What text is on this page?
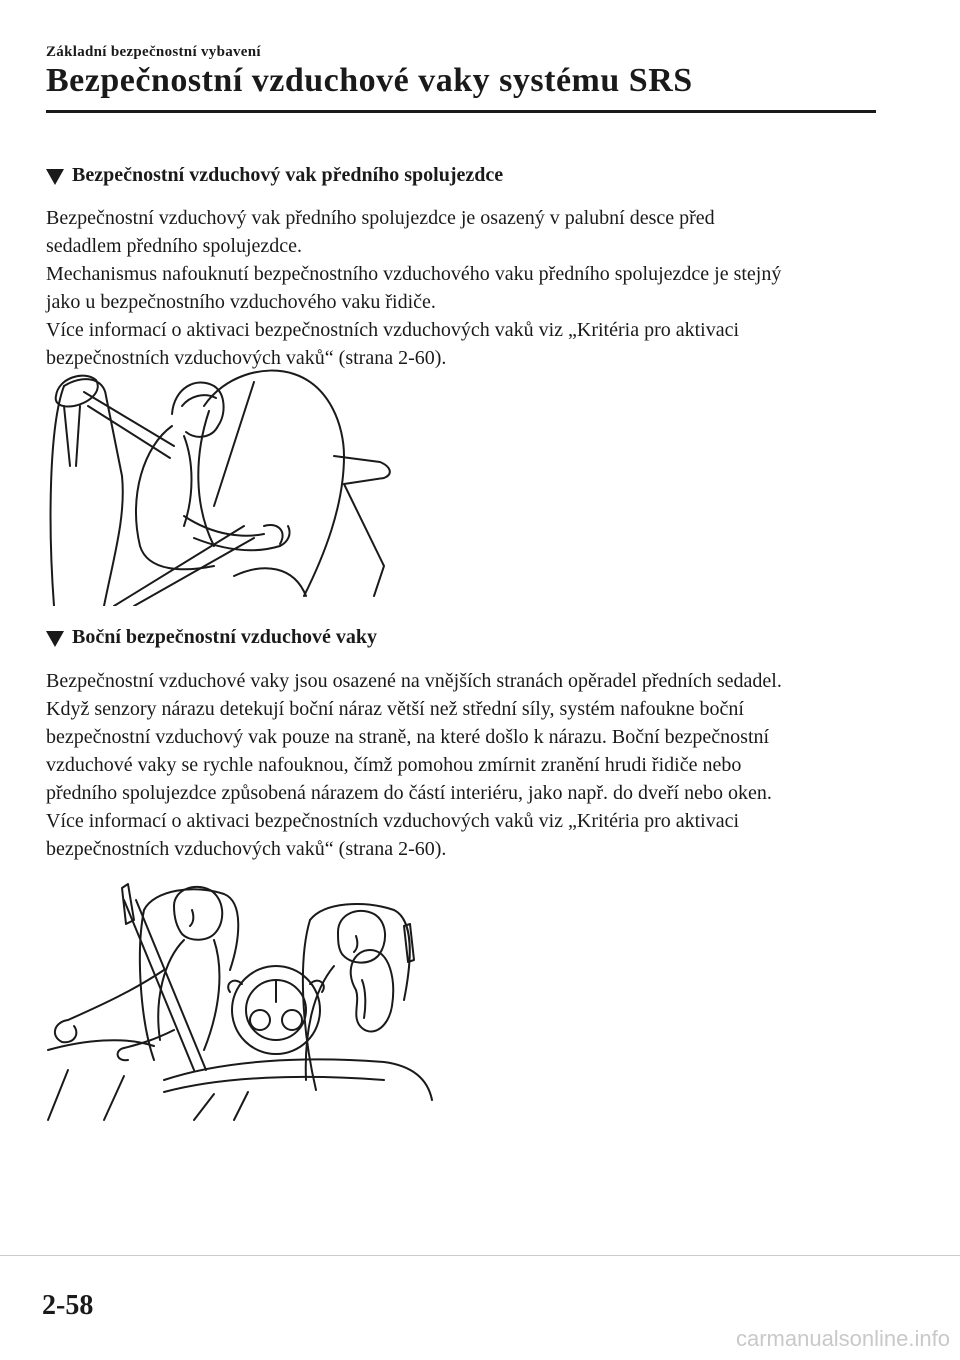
Základní bezpečnostní vybavení
Bezpečnostní vzduchové vaky systému SRS
Bezpečnostní vzduchový vak předního spolujezdce

Bezpečnostní vzduchový vak předního spolujezdce je osazený v palubní desce před

sedadlem předního spolujezdce.

Mechanismus nafouknutí bezpečnostního vzduchového vaku předního spolujezdce je stejný

jako u bezpečnostního vzduchového vaku řidiče.

Více informací o aktivaci bezpečnostních vzduchových vaků viz „Kritéria pro aktivaci

bezpečnostních vzduchových vaků“ (strana 2-60).

Boční bezpečnostní vzduchové vaky

Bezpečnostní vzduchové vaky jsou osazené na vnějších stranách opěradel předních sedadel.

Když senzory nárazu detekují boční náraz větší než střední síly, systém nafoukne boční

bezpečnostní vzduchový vak pouze na straně, na které došlo k nárazu. Boční bezpečnostní

vzduchové vaky se rychle nafouknou, čímž pomohou zmírnit zranění hrudi řidiče nebo

předního spolujezdce způsobená nárazem do částí interiéru, jako např. do dveří nebo oken.

Více informací o aktivaci bezpečnostních vzduchových vaků viz „Kritéria pro aktivaci

bezpečnostních vzduchových vaků“ (strana 2-60).

2-58
carmanualsonline.info
